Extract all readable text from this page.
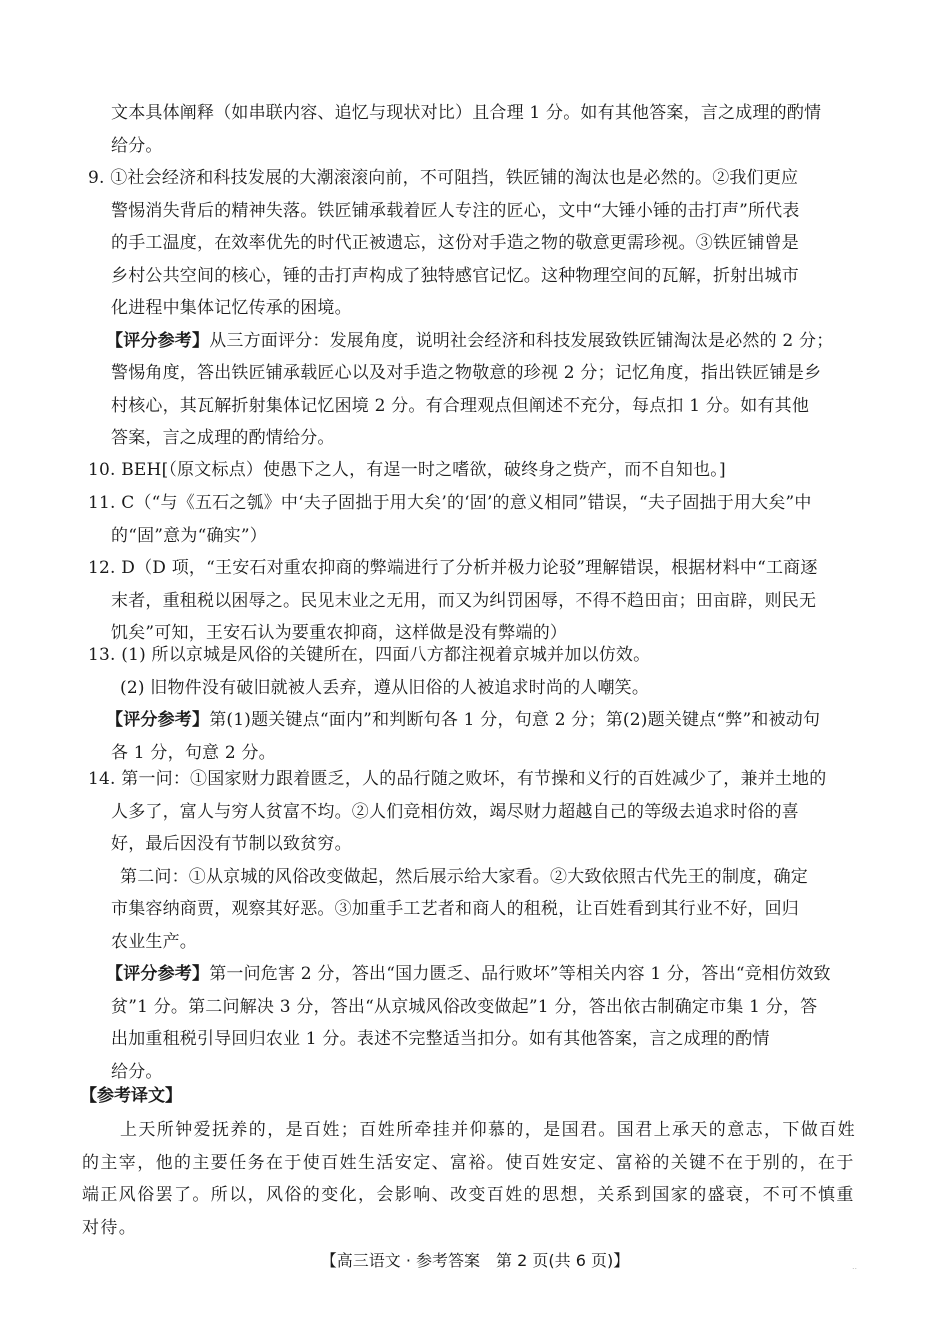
文本具体阐释（如串联内容、追忆与现状对比）且合理 1 分。如有其他答案，言之成理的酌情
给分。
9. ①社会经济和科技发展的大潮滚滚向前，不可阻挡，铁匠铺的淘汰也是必然的。②我们更应
警惕消失背后的精神失落。铁匠铺承载着匠人专注的匠心，文中“大锤小锤的击打声”所代表
的手工温度，在效率优先的时代正被遗忘，这份对手造之物的敬意更需珍视。③铁匠铺曾是
乡村公共空间的核心，锤的击打声构成了独特感官记忆。这种物理空间的瓦解，折射出城市
化进程中集体记忆传承的困境。
【评分参考】从三方面评分：发展角度，说明社会经济和科技发展致铁匠铺淘汰是必然的 2 分；
警惕角度，答出铁匠铺承载匠心以及对手造之物敬意的珍视 2 分；记忆角度，指出铁匠铺是乡
村核心，其瓦解折射集体记忆困境 2 分。有合理观点但阐述不充分，每点扣 1 分。如有其他
答案，言之成理的酌情给分。
10. BEH[（原文标点）使愚下之人，有逞一时之嗜欲，破终身之赀产，而不自知也。]
11. C（“与《五石之瓠》中‘夫子固拙于用大矣’的‘固’的意义相同”错误，“夫子固拙于用大矣”中
的“固”意为“确实”）
12. D（D 项，“王安石对重农抑商的弊端进行了分析并极力论驳”理解错误，根据材料中“工商逐
末者，重租税以困辱之。民见末业之无用，而又为纠罚困辱，不得不趋田亩；田亩辟，则民无
饥矣”可知，王安石认为要重农抑商，这样做是没有弊端的）
13. (1) 所以京城是风俗的关键所在，四面八方都注视着京城并加以仿效。
(2) 旧物件没有破旧就被人丢弃，遵从旧俗的人被追求时尚的人嘲笑。
【评分参考】第(1)题关键点“面内”和判断句各 1 分，句意 2 分；第(2)题关键点“弊”和被动句
各 1 分，句意 2 分。
14. 第一问：①国家财力跟着匮乏，人的品行随之败坏，有节操和义行的百姓减少了，兼并土地的
人多了，富人与穷人贫富不均。②人们竞相仿效，竭尽财力超越自己的等级去追求时俗的喜
好，最后因没有节制以致贫穷。
第二问：①从京城的风俗改变做起，然后展示给大家看。②大致依照古代先王的制度，确定
市集容纳商贾，观察其好恶。③加重手工艺者和商人的租税，让百姓看到其行业不好，回归
农业生产。
【评分参考】第一问危害 2 分，答出“国力匮乏、品行败坏”等相关内容 1 分，答出“竞相仿效致
贫”1 分。第二问解决 3 分，答出“从京城风俗改变做起”1 分，答出依古制确定市集 1 分，答
出加重租税引导回归农业 1 分。表述不完整适当扣分。如有其他答案，言之成理的酌情
给分。
【参考译文】
上天所钟爱抚养的，是百姓；百姓所牵挂并仰慕的，是国君。国君上承天的意志，下做百姓
的主宰，他的主要任务在于使百姓生活安定、富裕。使百姓安定、富裕的关键不在于别的，在于
端正风俗罢了。所以，风俗的变化，会影响、改变百姓的思想，关系到国家的盛衰，不可不慎重
对待。
【高三语文 · 参考答案　第 2 页(共 6 页)】	..
